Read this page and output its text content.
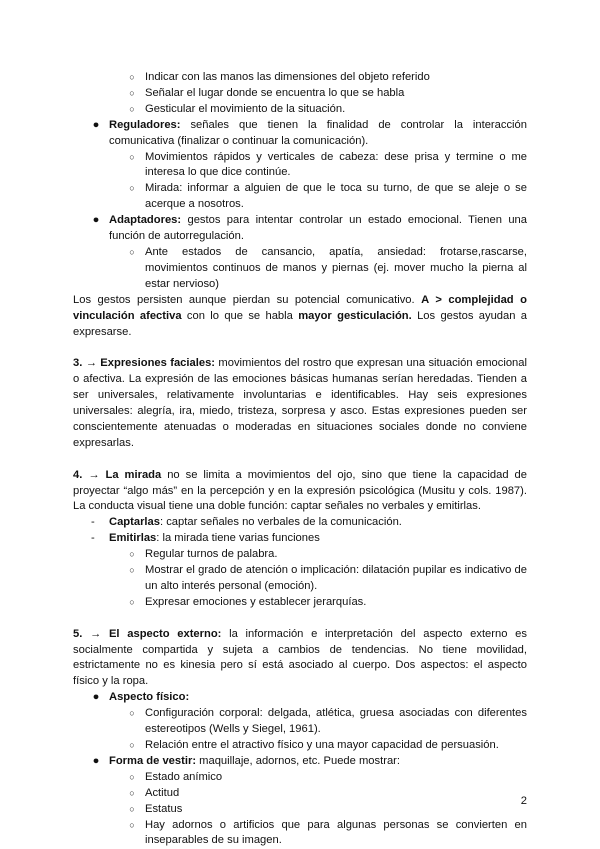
○ Indicar con las manos las dimensiones del objeto referido
○ Señalar el lugar donde se encuentra lo que se habla
○ Gesticular el movimiento de la situación.
● Reguladores: señales que tienen la finalidad de controlar la interacción comunicativa (finalizar o continuar la comunicación).
○ Movimientos rápidos y verticales de cabeza: dese prisa y termine o me interesa lo que dice continúe.
○ Mirada: informar a alguien de que le toca su turno, de que se aleje o se acerque a nosotros.
● Adaptadores: gestos para intentar controlar un estado emocional. Tienen una función de autorregulación.
○ Ante estados de cansancio, apatía, ansiedad: frotarse,rascarse, movimientos continuos de manos y piernas (ej. mover mucho la pierna al estar nervioso)

Los gestos persisten aunque pierdan su potencial comunicativo. A > complejidad o vinculación afectiva con lo que se habla mayor gesticulación. Los gestos ayudan a expresarse.

3. → Expresiones faciales: movimientos del rostro que expresan una situación emocional o afectiva. La expresión de las emociones básicas humanas serían heredadas. Tienden a ser universales, relativamente involuntarias e identificables. Hay seis expresiones universales: alegría, ira, miedo, tristeza, sorpresa y asco. Estas expresiones pueden ser conscientemente atenuadas o moderadas en situaciones sociales donde no conviene expresarlas.

4. → La mirada no se limita a movimientos del ojo, sino que tiene la capacidad de proyectar “algo más” en la percepción y en la expresión psicológica (Musitu y cols. 1987). La conducta visual tiene una doble función: captar señales no verbales y emitirlas.

- Captarlas: captar señales no verbales de la comunicación.
- Emitirlas: la mirada tiene varias funciones
○ Regular turnos de palabra.
○ Mostrar el grado de atención o implicación: dilatación pupilar es indicativo de un alto interés personal (emoción).
○ Expresar emociones y establecer jerarquías.

5. → El aspecto externo: la información e interpretación del aspecto externo es socialmente compartida y sujeta a cambios de tendencias. No tiene movilidad, estrictamente no es kinesia pero sí está asociado al cuerpo. Dos aspectos: el aspecto físico y la ropa.

● Aspecto físico:
○ Configuración corporal: delgada, atlética, gruesa asociadas con diferentes estereotipos (Wells y Siegel, 1961).
○ Relación entre el atractivo físico y una mayor capacidad de persuasión.
● Forma de vestir: maquillaje, adornos, etc. Puede mostrar:
○ Estado anímico
○ Actitud
○ Estatus
○ Hay adornos o artificios que para algunas personas se convierten en inseparables de su imagen.
2
